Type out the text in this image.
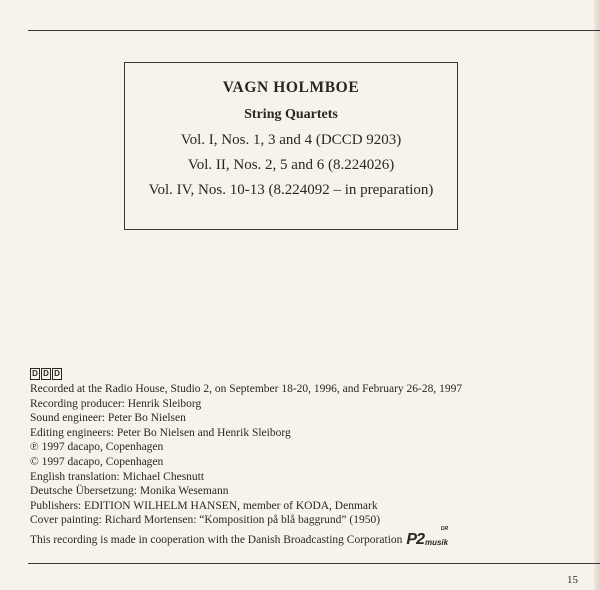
VAGN HOLMBOE
String Quartets
Vol. I, Nos. 1, 3 and 4 (DCCD 9203)
Vol. II, Nos. 2, 5 and 6 (8.224026)
Vol. IV, Nos. 10-13 (8.224092 – in preparation)
D D D
Recorded at the Radio House, Studio 2, on September 18-20, 1996, and February 26-28, 1997
Recording producer: Henrik Sleiborg
Sound engineer: Peter Bo Nielsen
Editing engineers: Peter Bo Nielsen and Henrik Sleiborg
℗ 1997 dacapo, Copenhagen
© 1997 dacapo, Copenhagen
English translation: Michael Chesnutt
Deutsche Übersetzung: Monika Wesemann
Publishers: EDITION WILHELM HANSEN, member of KODA, Denmark
Cover painting: Richard Mortensen: “Komposition på blå baggrund” (1950)
This recording is made in cooperation with the Danish Broadcasting Corporation
DR
P2 musik
15
